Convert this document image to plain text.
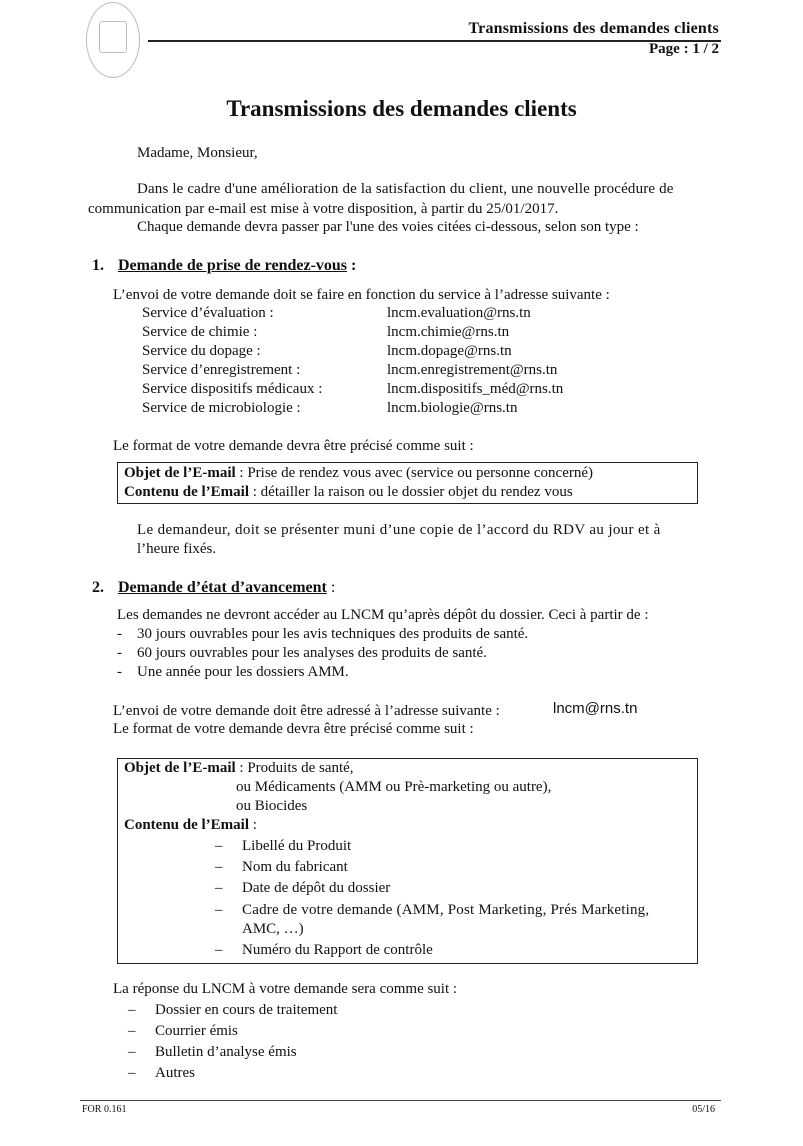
Transmissions des demandes clients
Page : 1 / 2
Transmissions des demandes clients
Madame, Monsieur,
Dans le cadre d'une amélioration de la satisfaction du client, une nouvelle procédure de
communication par e-mail est mise à votre disposition, à partir du 25/01/2017.
Chaque demande devra passer par l'une des voies citées ci-dessous, selon son type :
1. Demande de prise de rendez-vous :
L’envoi de votre demande doit se faire en fonction du service à l’adresse suivante :
Service d’évaluation :	lncm.evaluation@rns.tn
Service de chimie :	lncm.chimie@rns.tn
Service du dopage :	lncm.dopage@rns.tn
Service d’enregistrement :	lncm.enregistrement@rns.tn
Service dispositifs médicaux :	lncm.dispositifs_méd@rns.tn
Service de microbiologie :	lncm.biologie@rns.tn
Le format de votre demande devra être précisé comme suit :
Objet de l’E-mail : Prise de rendez vous avec (service ou personne concerné)
Contenu de l’Email : détailler la raison ou le dossier objet du rendez vous
Le demandeur, doit se présenter muni d’une copie de l’accord du RDV au jour et à
l’heure fixés.
2. Demande d’état d’avancement :
Les demandes ne devront accéder au LNCM qu’après dépôt du dossier. Ceci à partir de :
- 30 jours ouvrables pour les avis techniques des produits de santé.
- 60 jours ouvrables pour les analyses des produits de santé.
- Une année pour les dossiers AMM.
L’envoi de votre demande doit être adressé à l’adresse suivante :	lncm@rns.tn
Le format de votre demande devra être précisé comme suit :
Objet de l’E-mail : Produits de santé,
ou Médicaments (AMM ou Prè-marketing ou autre),
ou Biocides
Contenu de l’Email :
– Libellé du Produit
– Nom du fabricant
– Date de dépôt du dossier
– Cadre de votre demande (AMM, Post Marketing, Prés Marketing,
AMC, …)
– Numéro du Rapport de contrôle
La réponse du LNCM à votre demande sera comme suit :
– Dossier en cours de traitement
– Courrier émis
– Bulletin d’analyse émis
– Autres
FOR 0.161	05/16
